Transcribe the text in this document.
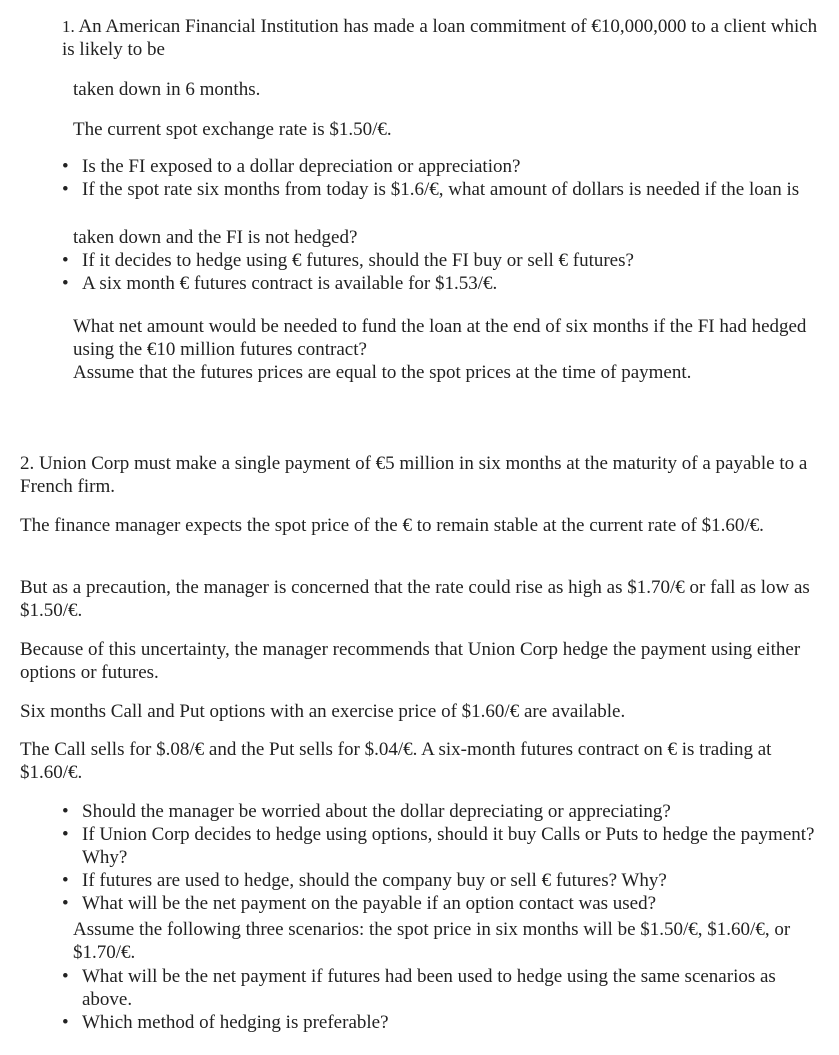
1. An American Financial Institution has made a loan commitment of €10,000,000 to a client which is likely to be

taken down in 6 months.

The current spot exchange rate is $1.50/€.

• Is the FI exposed to a dollar depreciation or appreciation?
• If the spot rate six months from today is $1.6/€, what amount of dollars is needed if the loan is

taken down and the FI is not hedged?

• If it decides to hedge using € futures, should the FI buy or sell € futures?
• A six month € futures contract is available for $1.53/€.

What net amount would be needed to fund the loan at the end of six months if the FI had hedged using the €10 million futures contract?

Assume that the futures prices are equal to the spot prices at the time of payment.

2. Union Corp must make a single payment of €5 million in six months at the maturity of a payable to a French firm.

The finance manager expects the spot price of the € to remain stable at the current rate of $1.60/€.

But as a precaution, the manager is concerned that the rate could rise as high as $1.70/€ or fall as low as $1.50/€.

Because of this uncertainty, the manager recommends that Union Corp hedge the payment using either options or futures.

Six months Call and Put options with an exercise price of $1.60/€ are available.

The Call sells for $.08/€ and the Put sells for $.04/€. A six-month futures contract on € is trading at $1.60/€.

• Should the manager be worried about the dollar depreciating or appreciating?
• If Union Corp decides to hedge using options, should it buy Calls or Puts to hedge the payment? Why?
• If futures are used to hedge, should the company buy or sell € futures? Why?
• What will be the net payment on the payable if an option contact was used?

Assume the following three scenarios: the spot price in six months will be $1.50/€, $1.60/€, or $1.70/€.

• What will be the net payment if futures had been used to hedge using the same scenarios as above.
• Which method of hedging is preferable?
